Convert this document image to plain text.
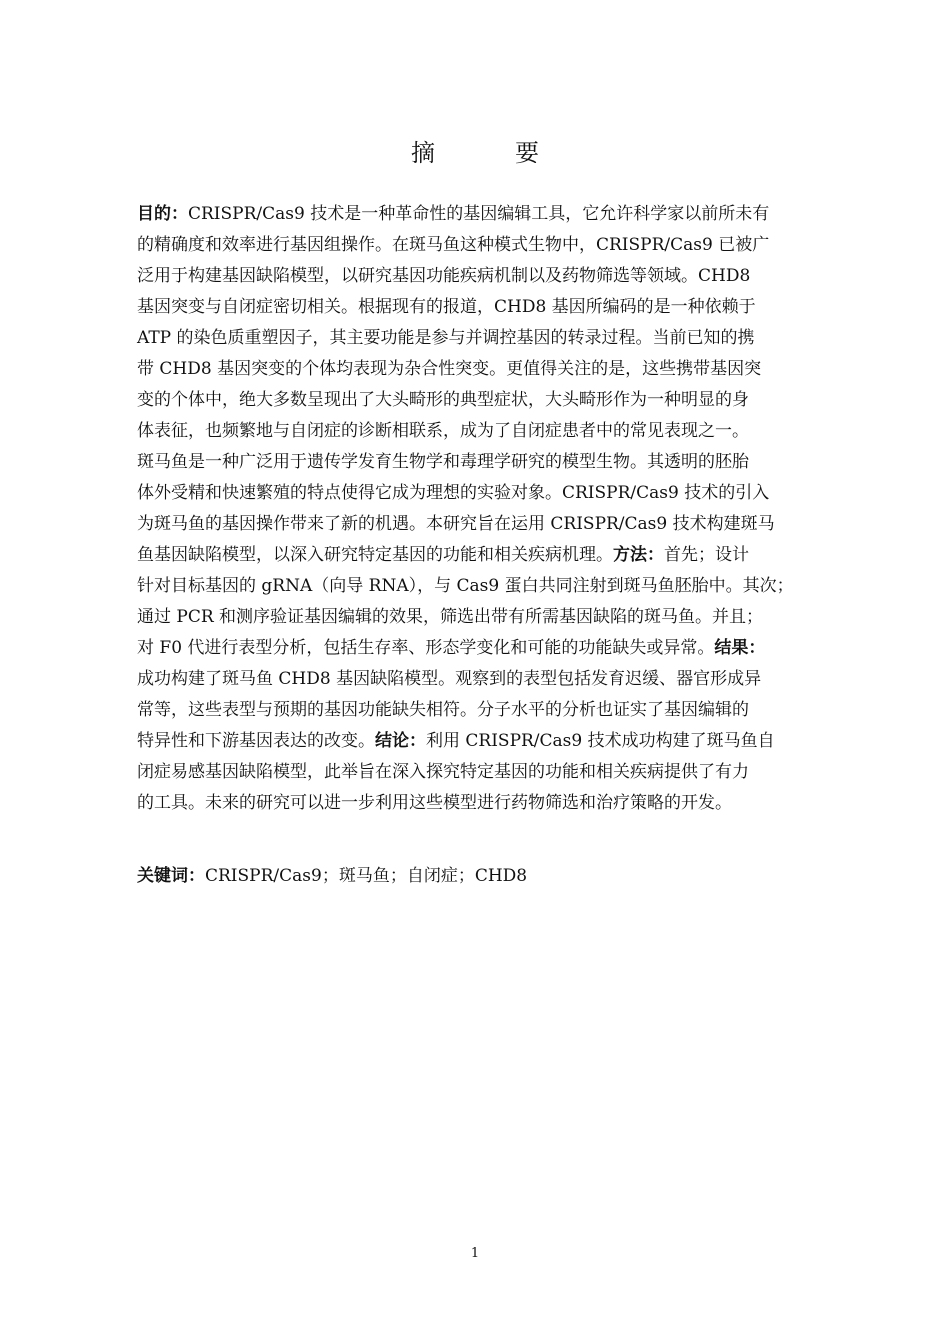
摘　要
目的：CRISPR/Cas9 技术是一种革命性的基因编辑工具，它允许科学家以前所未有
的精确度和效率进行基因组操作。在斑马鱼这种模式生物中，CRISPR/Cas9 已被广
泛用于构建基因缺陷模型，以研究基因功能疾病机制以及药物筛选等领域。CHD8
基因突变与自闭症密切相关。根据现有的报道，CHD8 基因所编码的是一种依赖于
ATP 的染色质重塑因子，其主要功能是参与并调控基因的转录过程。当前已知的携
带 CHD8 基因突变的个体均表现为杂合性突变。更值得关注的是，这些携带基因突
变的个体中，绝大多数呈现出了大头畸形的典型症状，大头畸形作为一种明显的身
体表征，也频繁地与自闭症的诊断相联系，成为了自闭症患者中的常见表现之一。
斑马鱼是一种广泛用于遗传学发育生物学和毒理学研究的模型生物。其透明的胚胎
体外受精和快速繁殖的特点使得它成为理想的实验对象。CRISPR/Cas9 技术的引入
为斑马鱼的基因操作带来了新的机遇。本研究旨在运用 CRISPR/Cas9 技术构建斑马
鱼基因缺陷模型，以深入研究特定基因的功能和相关疾病机理。方法：首先；设计
针对目标基因的 gRNA（向导 RNA），与 Cas9 蛋白共同注射到斑马鱼胚胎中。其次；
通过 PCR 和测序验证基因编辑的效果，筛选出带有所需基因缺陷的斑马鱼。并且；
对 F0 代进行表型分析，包括生存率、形态学变化和可能的功能缺失或异常。结果：
成功构建了斑马鱼 CHD8 基因缺陷模型。观察到的表型包括发育迟缓、器官形成异
常等，这些表型与预期的基因功能缺失相符。分子水平的分析也证实了基因编辑的
特异性和下游基因表达的改变。结论：利用 CRISPR/Cas9 技术成功构建了斑马鱼自
闭症易感基因缺陷模型，此举旨在深入探究特定基因的功能和相关疾病提供了有力
的工具。未来的研究可以进一步利用这些模型进行药物筛选和治疗策略的开发。
关键词：CRISPR/Cas9；斑马鱼；自闭症；CHD8
1
